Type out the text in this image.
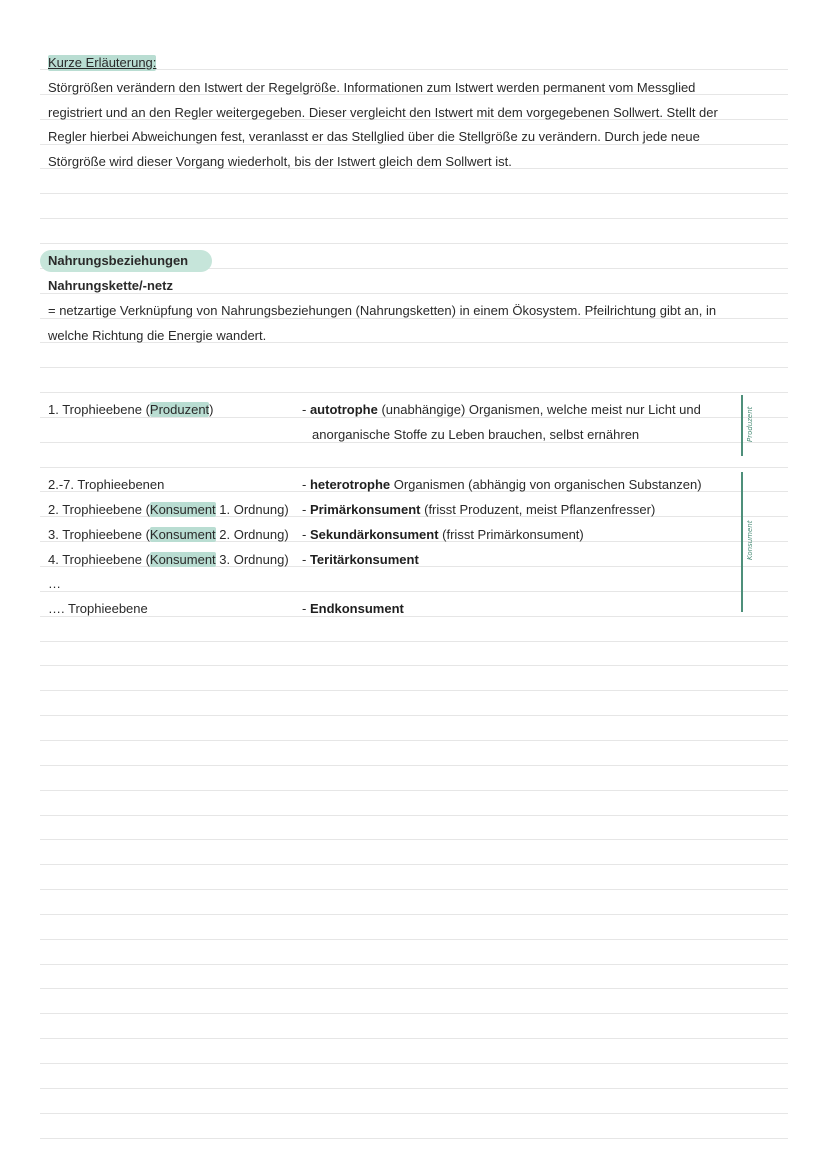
Kurze Erläuterung:
Störgrößen verändern den Istwert der Regelgröße. Informationen zum Istwert werden permanent vom Messglied
registriert und an den Regler weitergegeben. Dieser vergleicht den Istwert mit dem vorgegebenen Sollwert. Stellt der
Regler hierbei Abweichungen fest, veranlasst er das Stellglied über die Stellgröße zu verändern. Durch jede neue
Störgröße wird dieser Vorgang wiederholt, bis der Istwert gleich dem Sollwert ist.
Nahrungsbeziehungen
Nahrungskette/-netz
= netzartige Verknüpfung von Nahrungsbeziehungen (Nahrungsketten) in einem Ökosystem. Pfeilrichtung gibt an, in
welche Richtung die Energie wandert.
1. Trophieebene (Produzent)	- autotrophe (unabhängige) Organismen, welche meist nur Licht und
anorganische Stoffe zu Leben brauchen, selbst ernähren
2.-7. Trophieebenen	- heterotrophe Organismen (abhängig von organischen Substanzen)
2. Trophieebene (Konsument 1. Ordnung) - Primärkonsument (frisst Produzent, meist Pflanzenfresser)
3. Trophieebene (Konsument 2. Ordnung) - Sekundärkonsument (frisst Primärkonsument)
4. Trophieebene (Konsument 3. Ordnung) - Teritärkonsument
…
…. Trophieebene	- Endkonsument
Produzent
Konsument
